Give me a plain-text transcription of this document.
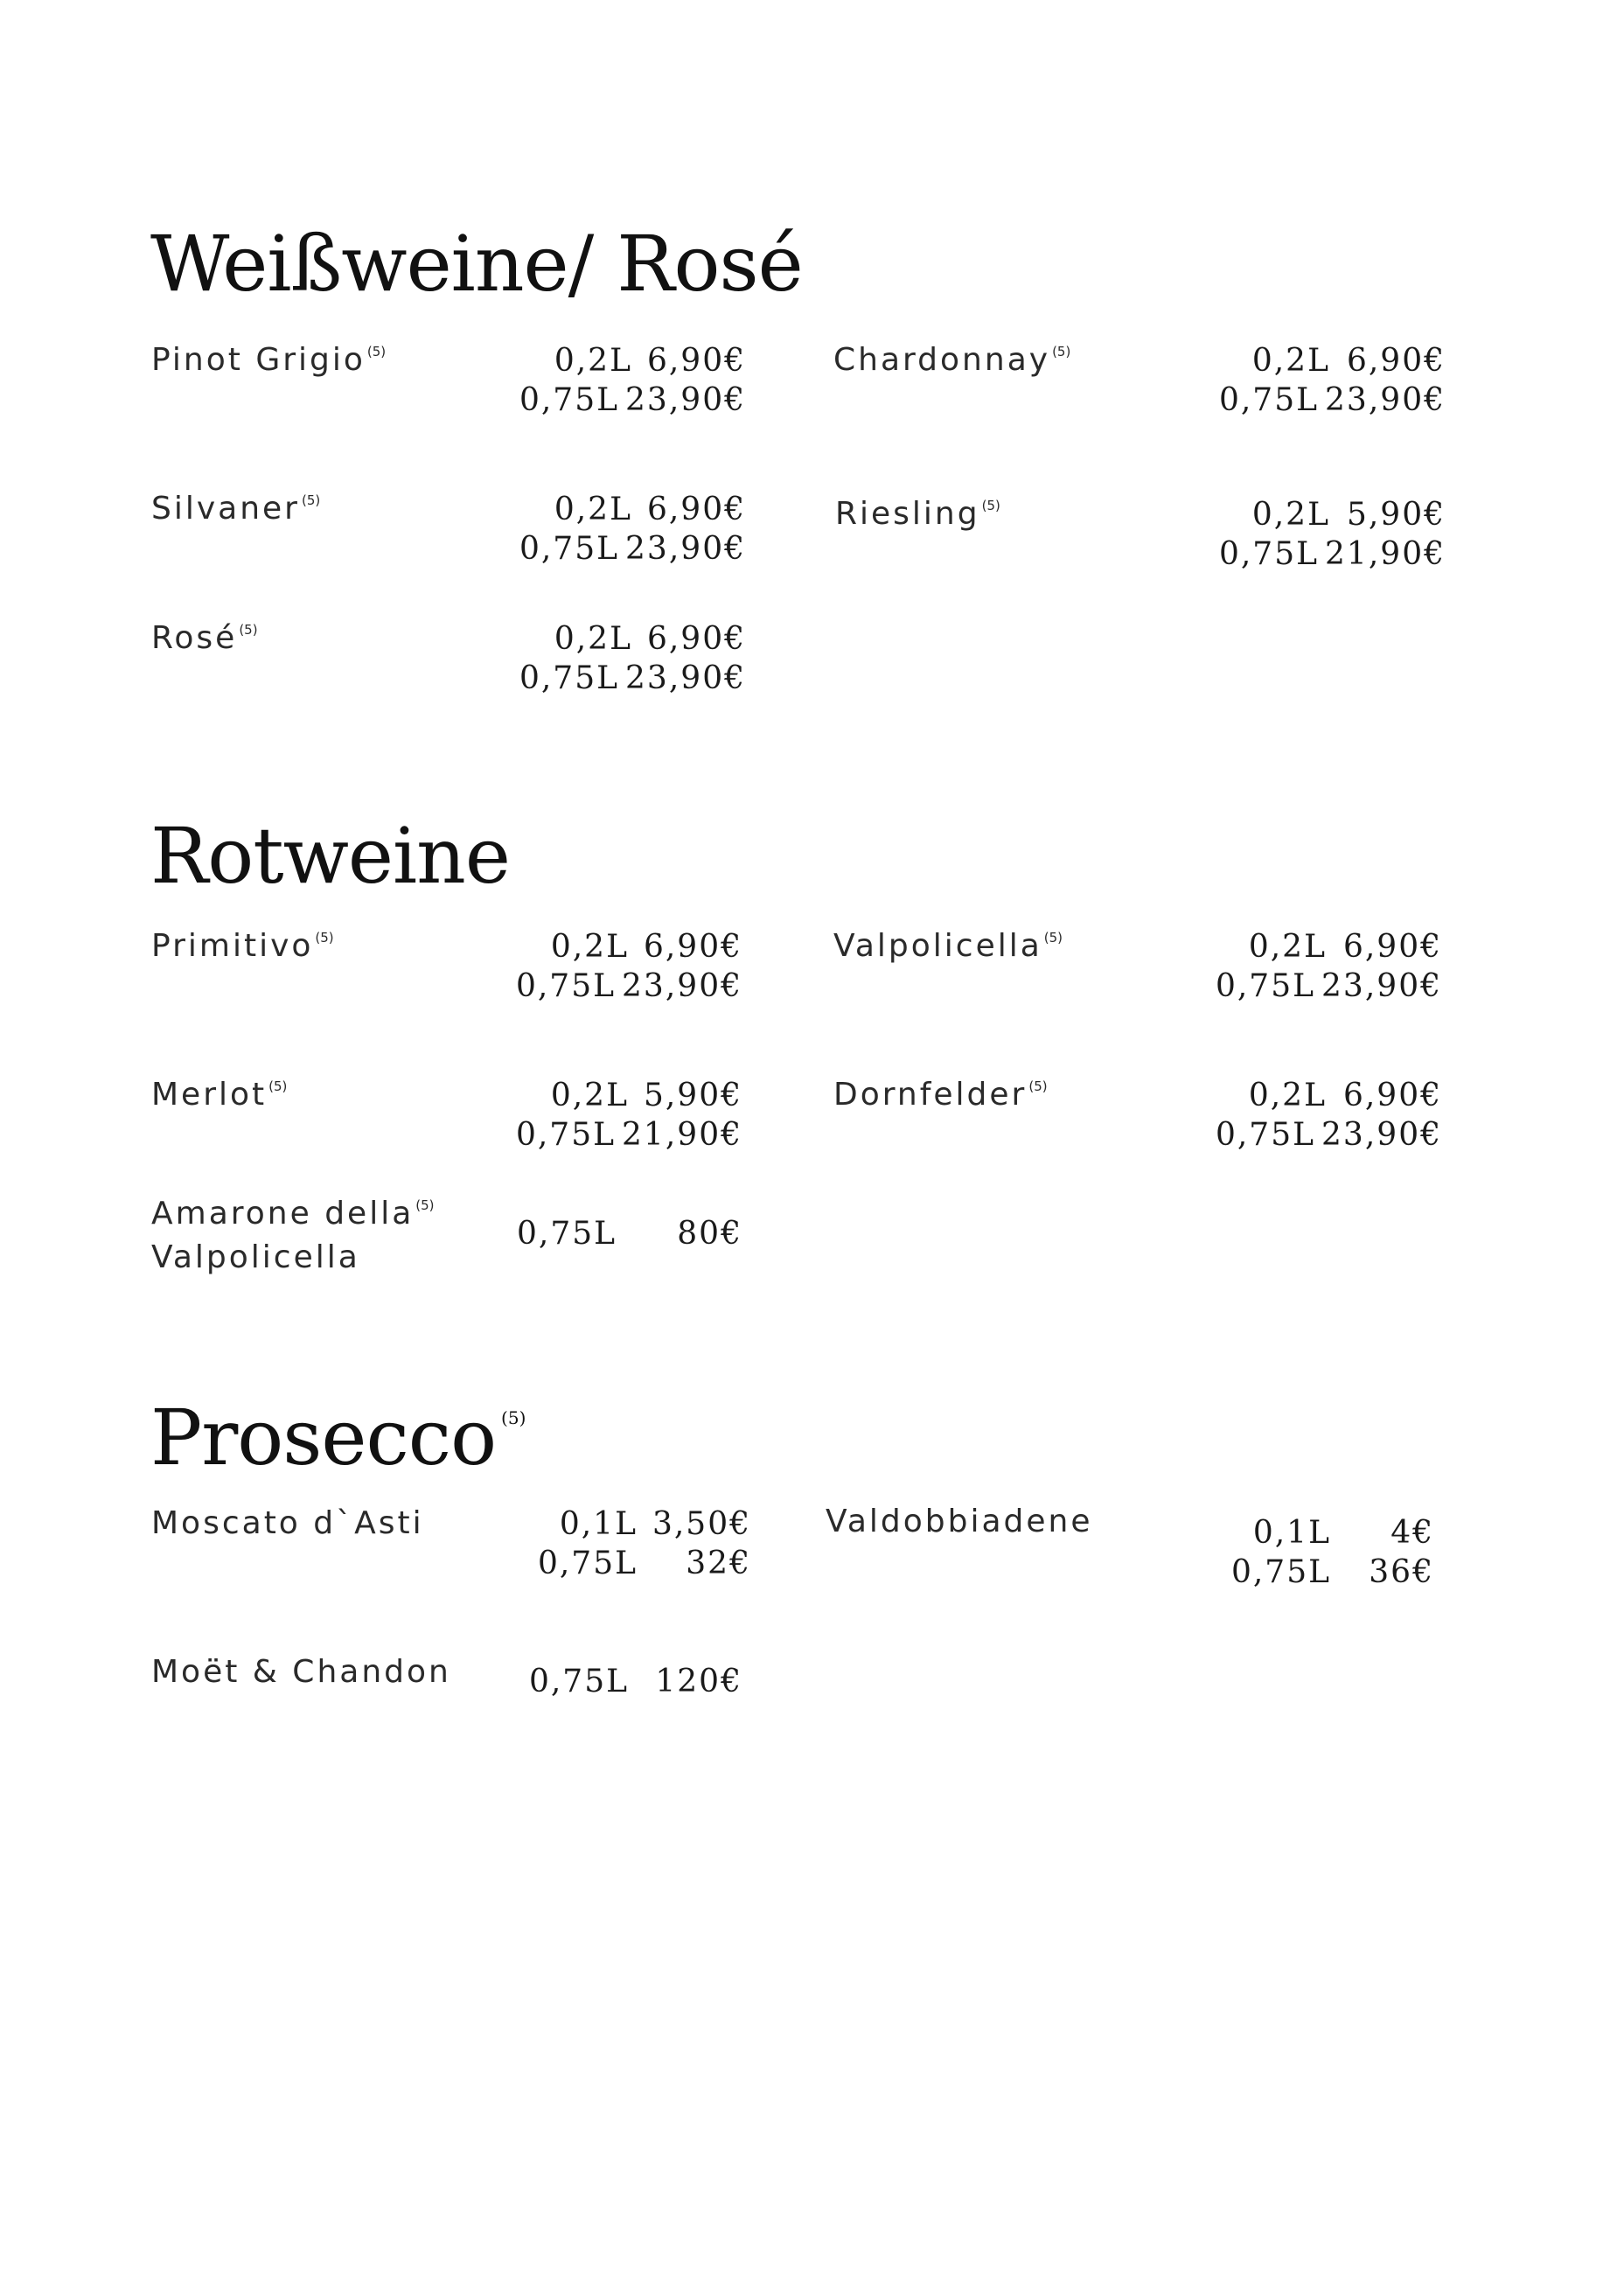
Weißweine/ Rosé
Pinot Grigio $^{(5)}$	0,2L 6,90€
0,75L 23,90€
Chardonnay $^{(5)}$	0,2L 6,90€
0,75L 23,90€
Silvaner $^{(5)}$	0,2L 6,90€
0,75L 23,90€
Riesling $^{(5)}$	0,2L 5,90€
0,75L 21,90€
Rosé $^{(5)}$	0,2L 6,90€
0,75L 23,90€
Rotweine
Primitivo $^{(5)}$	0,2L 6,90€
0,75L 23,90€
Valpolicella $^{(5)}$	0,2L 6,90€
0,75L 23,90€
Merlot $^{(5)}$	0,2L 5,90€
0,75L 21,90€
Dornfelder $^{(5)}$	0,2L 6,90€
0,75L 23,90€
Amarone della $^{(5)}$
Valpolicella
0,75L	80€
Prosecco $^{(5)}$
Moscato d`Asti	0,1L 3,50€
0,75L	32€
Valdobbiadene	0,1L	4€
0,75L	36€
Moët & Chandon 0,75L 120€
